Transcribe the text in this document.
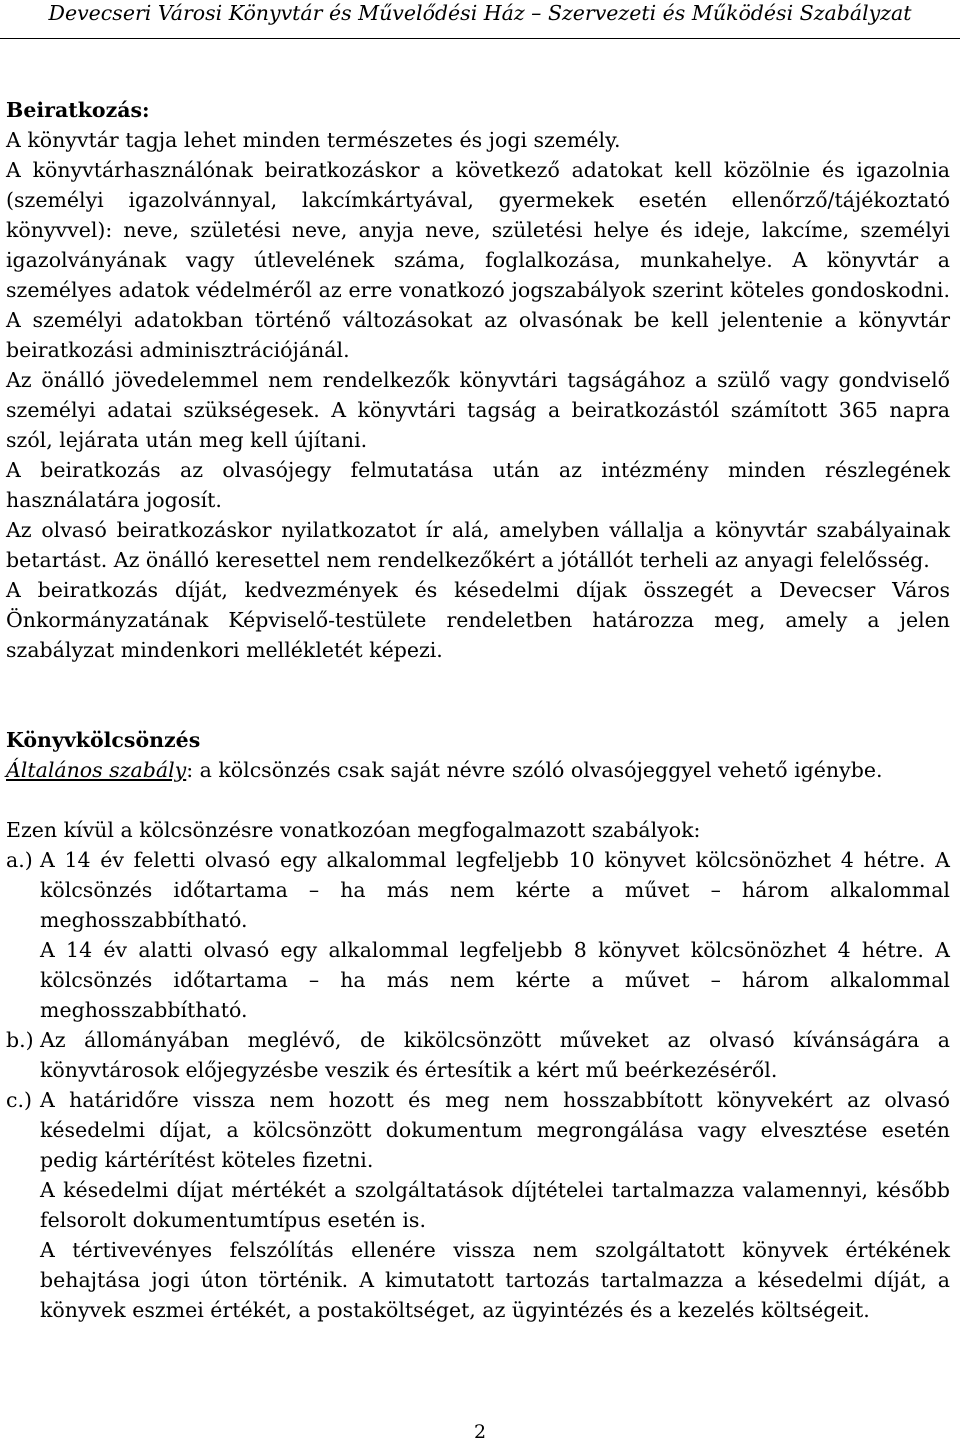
Devecseri Városi Könyvtár és Művelődési Ház – Szervezeti és Működési Szabályzat
Beiratkozás:

A könyvtár tagja lehet minden természetes és jogi személy.

A könyvtárhasználónak beiratkozáskor a következő adatokat kell közölnie és igazolnia (személyi igazolvánnyal, lakcímkártyával, gyermekek esetén ellenőrző/tájékoztató könyvvel): neve, születési neve, anyja neve, születési helye és ideje, lakcíme, személyi igazolványának vagy útlevelének száma, foglalkozása, munkahelye. A könyvtár a személyes adatok védelméről az erre vonatkozó jogszabályok szerint köteles gondoskodni. A személyi adatokban történő változásokat az olvasónak be kell jelentenie a könyvtár beiratkozási adminisztrációjánál.

Az önálló jövedelemmel nem rendelkezők könyvtári tagságához a szülő vagy gondviselő személyi adatai szükségesek. A könyvtári tagság a beiratkozástól számított 365 napra szól, lejárata után meg kell újítani.

A beiratkozás az olvasójegy felmutatása után az intézmény minden részlegének használatára jogosít.

Az olvasó beiratkozáskor nyilatkozatot ír alá, amelyben vállalja a könyvtár szabályainak betartást. Az önálló keresettel nem rendelkezőkért a jótállót terheli az anyagi felelősség.

A beiratkozás díját, kedvezmények és késedelmi díjak összegét a Devecser Város Önkormányzatának Képviselő-testülete rendeletben határozza meg, amely a jelen szabályzat mindenkori mellékletét képezi.

Könyvkölcsönzés

Általános szabály: a kölcsönzés csak saját névre szóló olvasójeggyel vehető igénybe.

Ezen kívül a kölcsönzésre vonatkozóan megfogalmazott szabályok:

a.) A 14 év feletti olvasó egy alkalommal legfeljebb 10 könyvet kölcsönözhet 4 hétre. A kölcsönzés időtartama – ha más nem kérte a művet – három alkalommal meghosszabbítható.

A 14 év alatti olvasó egy alkalommal legfeljebb 8 könyvet kölcsönözhet 4 hétre. A kölcsönzés időtartama – ha más nem kérte a művet – három alkalommal meghosszabbítható.

b.) Az állományában meglévő, de kikölcsönzött műveket az olvasó kívánságára a könyvtárosok előjegyzésbe veszik és értesítik a kért mű beérkezéséről.

c.) A határidőre vissza nem hozott és meg nem hosszabbított könyvekért az olvasó késedelmi díjat, a kölcsönzött dokumentum megrongálása vagy elvesztése esetén pedig kártérítést köteles fizetni.

A késedelmi díjat mértékét a szolgáltatások díjtételei tartalmazza valamennyi, később felsorolt dokumentumtípus esetén is.

A tértivevényes felszólítás ellenére vissza nem szolgáltatott könyvek értékének behajtása jogi úton történik. A kimutatott tartozás tartalmazza a késedelmi díját, a könyvek eszmei értékét, a postaköltséget, az ügyintézés és a kezelés költségeit.

2
